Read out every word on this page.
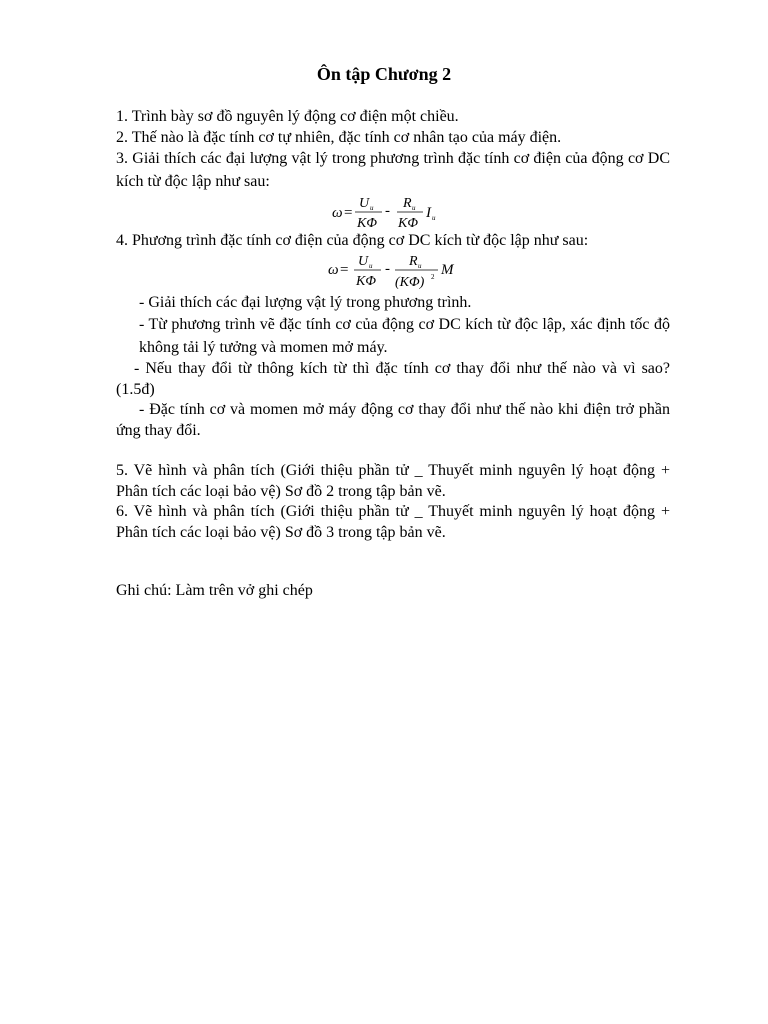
Ôn tập Chương 2

1. Trình bày sơ đồ nguyên lý động cơ điện một chiều.

2. Thế nào là đặc tính cơ tự nhiên, đặc tính cơ nhân tạo của máy điện.

3. Giải thích các đại lượng vật lý trong phương trình đặc tính cơ điện của động cơ DC kích từ độc lập như sau:

ω =
U u
KΦ
- R u
KΦ
I u

4. Phương trình đặc tính cơ điện của động cơ DC kích từ độc lập như sau:

ω =
U u
KΦ
- R u
(KΦ) 2 M

- Giải thích các đại lượng vật lý trong phương trình.

- Từ phương trình vẽ đặc tính cơ của động cơ DC kích từ độc lập, xác định tốc độ không tải lý tưởng và momen mở máy.

- Nếu thay đổi từ thông kích từ thì đặc tính cơ thay đổi như thế nào và vì sao? (1.5đ)

- Đặc tính cơ và momen mở máy động cơ thay đổi như thế nào khi điện trở phần ứng thay đổi.

5. Vẽ hình và phân tích (Giới thiệu phần tử _ Thuyết minh nguyên lý hoạt động + Phân tích các loại bảo vệ) Sơ đồ 2 trong tập bản vẽ.

6. Vẽ hình và phân tích (Giới thiệu phần tử _ Thuyết minh nguyên lý hoạt động + Phân tích các loại bảo vệ) Sơ đồ 3 trong tập bản vẽ.

Ghi chú: Làm trên vở ghi chép
